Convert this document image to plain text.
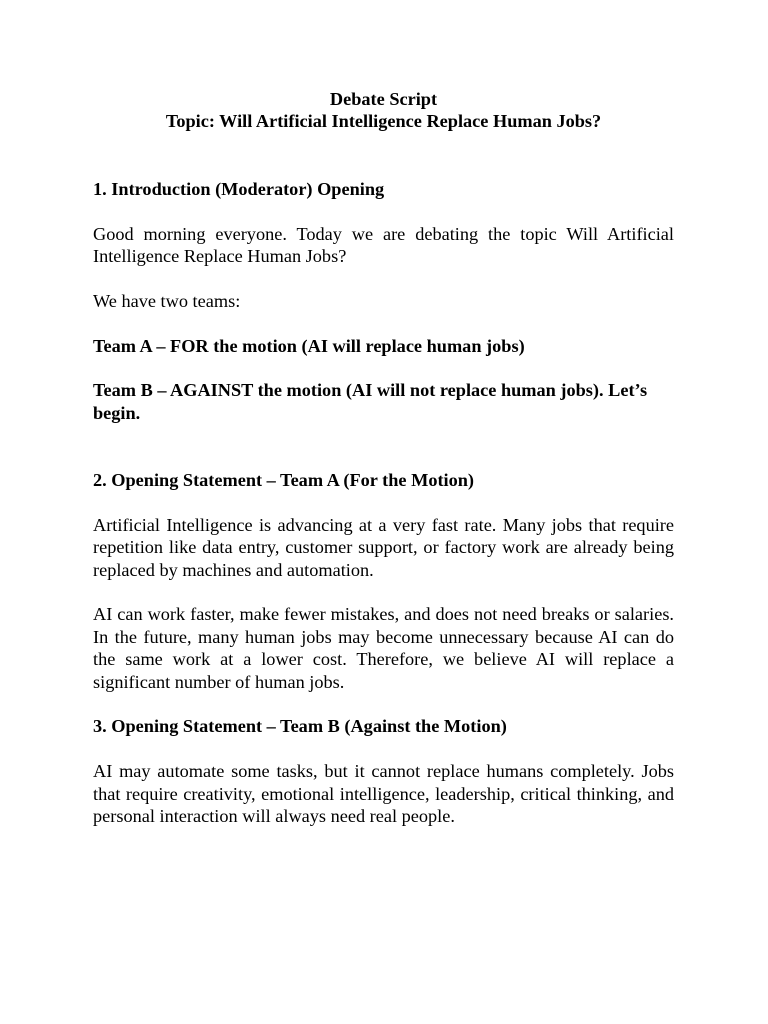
Debate Script
Topic: Will Artificial Intelligence Replace Human Jobs?
1. Introduction (Moderator) Opening

Good morning everyone. Today we are debating the topic Will Artificial Intelligence Replace Human Jobs?

We have two teams:

Team A – FOR the motion (AI will replace human jobs)

Team B – AGAINST the motion (AI will not replace human jobs). Let’s begin.

2. Opening Statement – Team A (For the Motion)

Artificial Intelligence is advancing at a very fast rate. Many jobs that require repetition like data entry, customer support, or factory work are already being replaced by machines and automation.

AI can work faster, make fewer mistakes, and does not need breaks or salaries. In the future, many human jobs may become unnecessary because AI can do the same work at a lower cost. Therefore, we believe AI will replace a significant number of human jobs.

3. Opening Statement – Team B (Against the Motion)

AI may automate some tasks, but it cannot replace humans completely. Jobs that require creativity, emotional intelligence, leadership, critical thinking, and personal interaction will always need real people.
